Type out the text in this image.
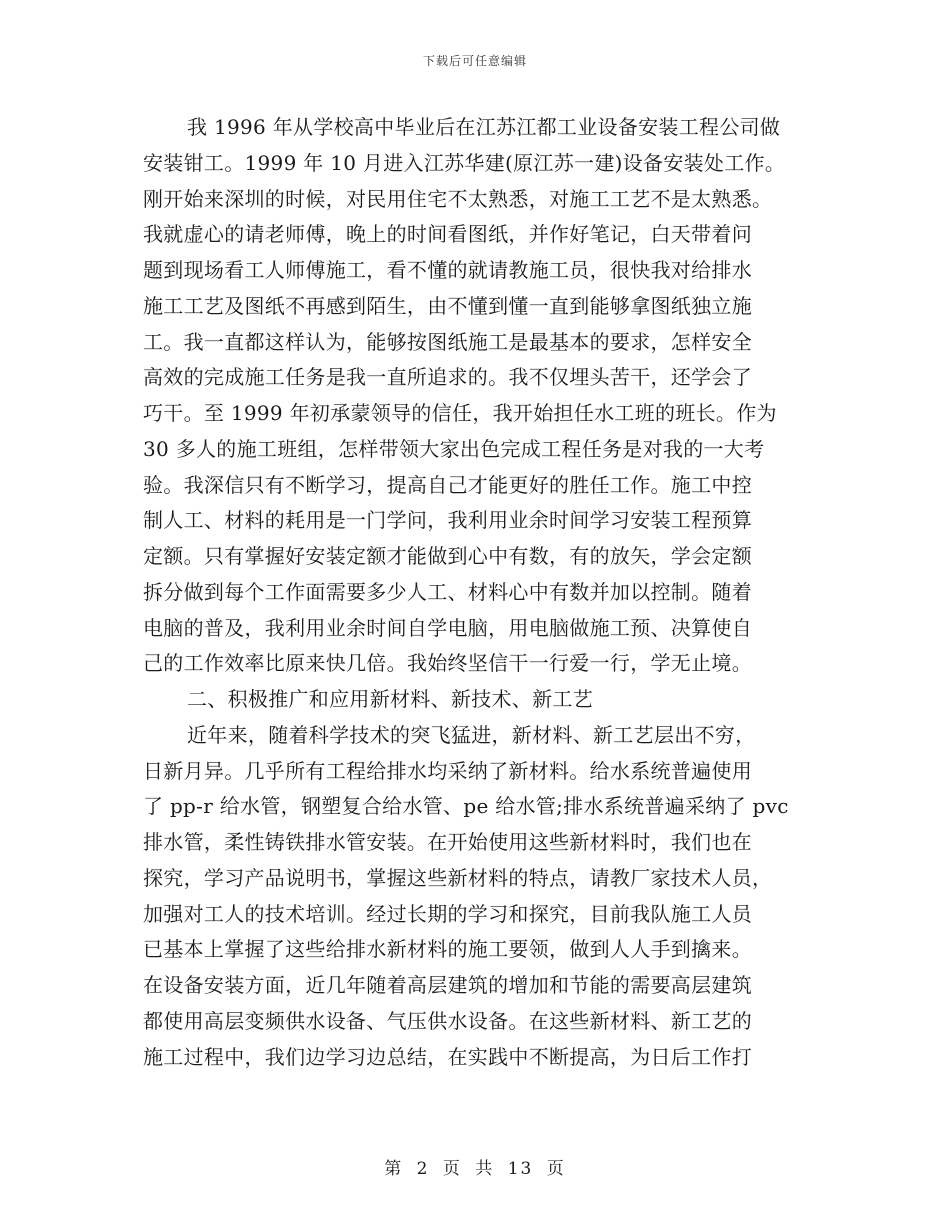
下载后可任意编辑
我 1996 年从学校高中毕业后在江苏江都工业设备安装工程公司做
安装钳工。1999 年 10 月进入江苏华建(原江苏一建)设备安装处工作。
刚开始来深圳的时候，对民用住宅不太熟悉，对施工工艺不是太熟悉。
我就虚心的请老师傅，晚上的时间看图纸，并作好笔记，白天带着问
题到现场看工人师傅施工，看不懂的就请教施工员，很快我对给排水
施工工艺及图纸不再感到陌生，由不懂到懂一直到能够拿图纸独立施
工。我一直都这样认为，能够按图纸施工是最基本的要求，怎样安全
高效的完成施工任务是我一直所追求的。我不仅埋头苦干，还学会了
巧干。至 1999 年初承蒙领导的信任，我开始担任水工班的班长。作为
30 多人的施工班组，怎样带领大家出色完成工程任务是对我的一大考
验。我深信只有不断学习，提高自己才能更好的胜任工作。施工中控
制人工、材料的耗用是一门学问，我利用业余时间学习安装工程预算
定额。只有掌握好安装定额才能做到心中有数，有的放矢，学会定额
拆分做到每个工作面需要多少人工、材料心中有数并加以控制。随着
电脑的普及，我利用业余时间自学电脑，用电脑做施工预、决算使自
己的工作效率比原来快几倍。我始终坚信干一行爱一行，学无止境。
二、积极推广和应用新材料、新技术、新工艺
近年来，随着科学技术的突飞猛进，新材料、新工艺层出不穷，
日新月异。几乎所有工程给排水均采纳了新材料。给水系统普遍使用
了 pp-r 给水管，钢塑复合给水管、pe 给水管;排水系统普遍采纳了 pvc
排水管，柔性铸铁排水管安装。在开始使用这些新材料时，我们也在
探究，学习产品说明书，掌握这些新材料的特点，请教厂家技术人员，
加强对工人的技术培训。经过长期的学习和探究，目前我队施工人员
已基本上掌握了这些给排水新材料的施工要领，做到人人手到擒来。
在设备安装方面，近几年随着高层建筑的增加和节能的需要高层建筑
都使用高层变频供水设备、气压供水设备。在这些新材料、新工艺的
施工过程中，我们边学习边总结，在实践中不断提高，为日后工作打
第 2 页 共 13 页
